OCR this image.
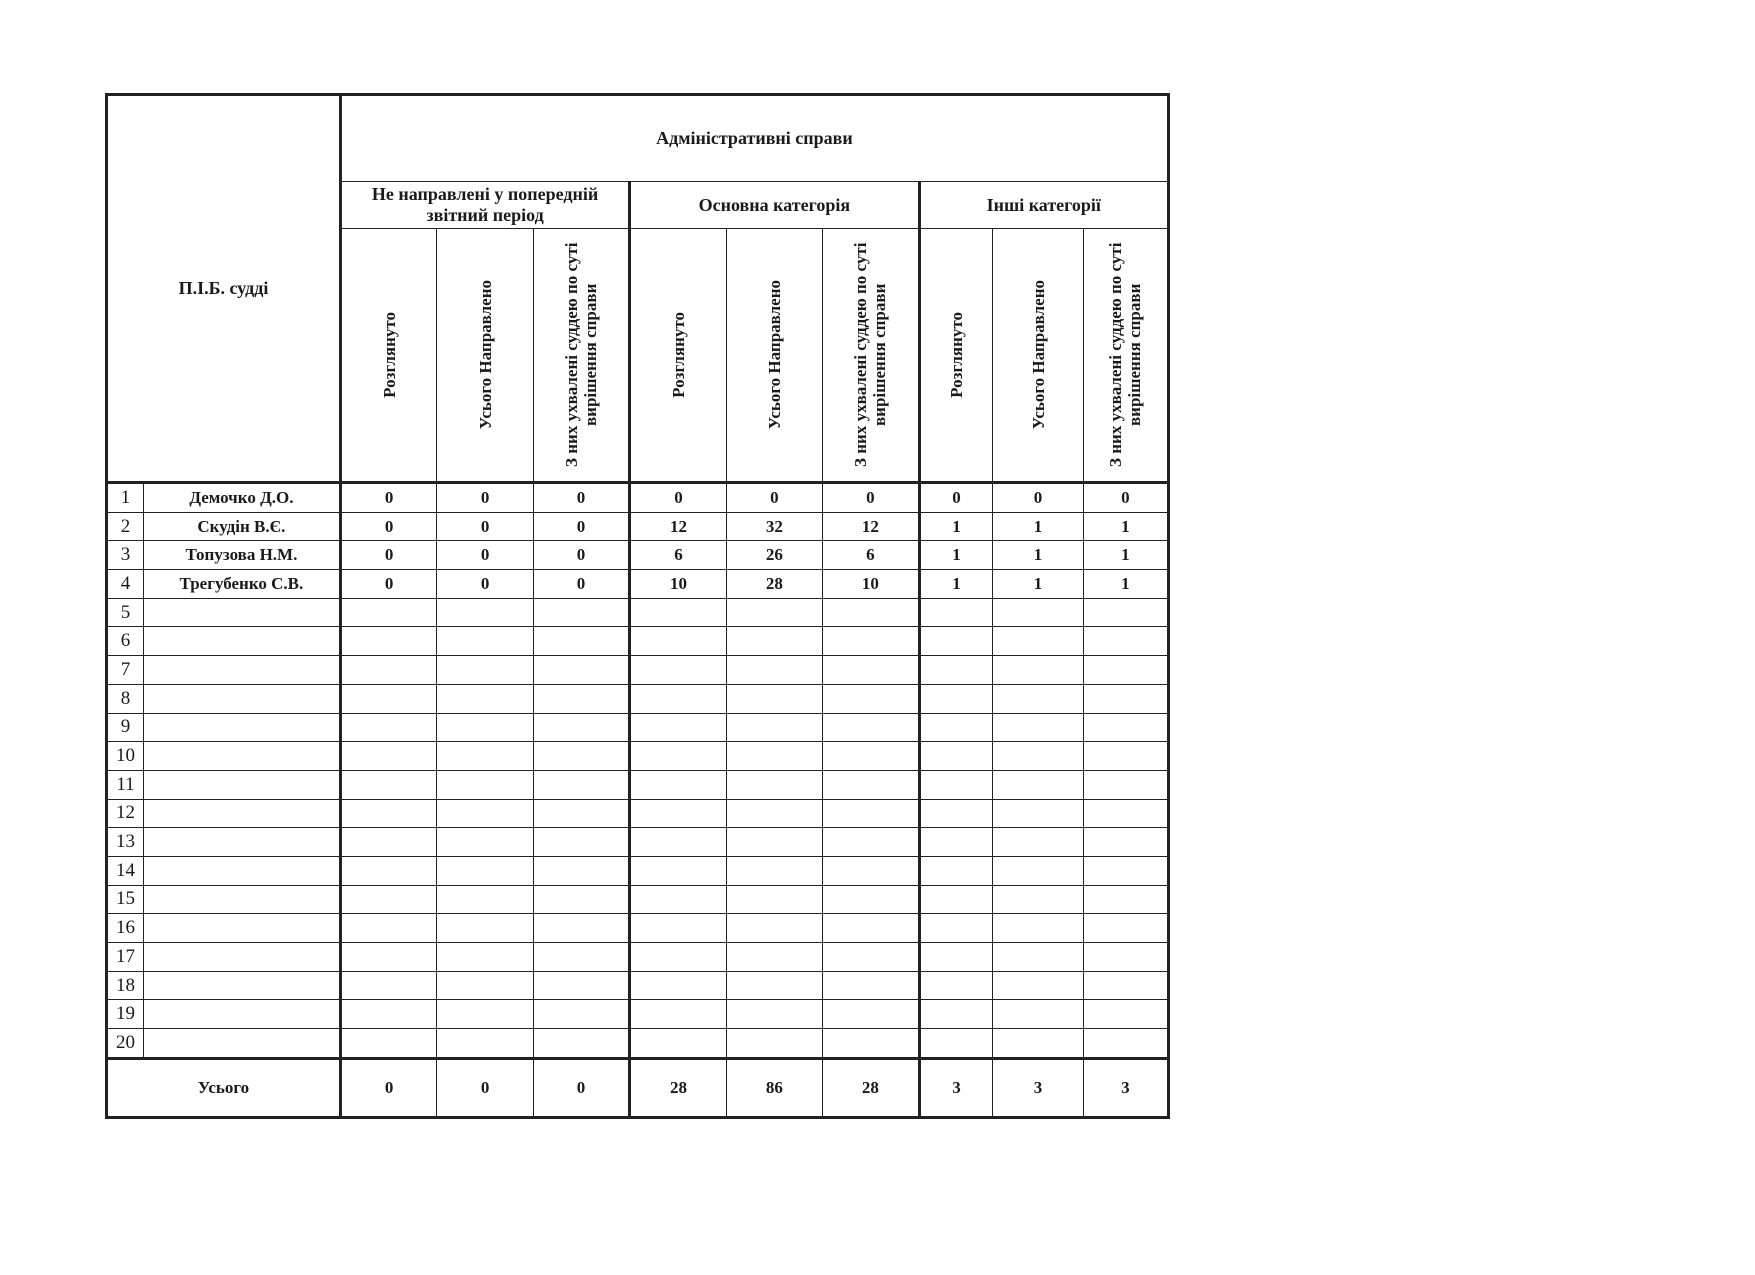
П.І.Б. судді		Адміністративні справи								
		Не направлені у попередній звітний період			Основна категорія			Інші категорії		

		Розглянуто	Усього Направлено	З них ухвалені суддею по суті вирішення справи	Розглянуто	Усього Направлено	З них ухвалені суддею по суті вирішення справи	Розглянуто	Усього Направлено	З них ухвалені суддею по суті вирішення справи

1	Демочко Д.О.	0	0	0	0	0	0	0	0	0
2	Скудін В.Є.	0	0	0	12	32	12	1	1	1
3	Топузова Н.М.	0	0	0	6	26	6	1	1	1
4	Трегубенко С.В.	0	0	0	10	28	10	1	1	1
5										
6										
7										
8										
9										
10										
11										
12										
13										
14										
15										
16										
17										
18										
19										
20										
Усього		0	0	0	28	86	28	3	3	3
